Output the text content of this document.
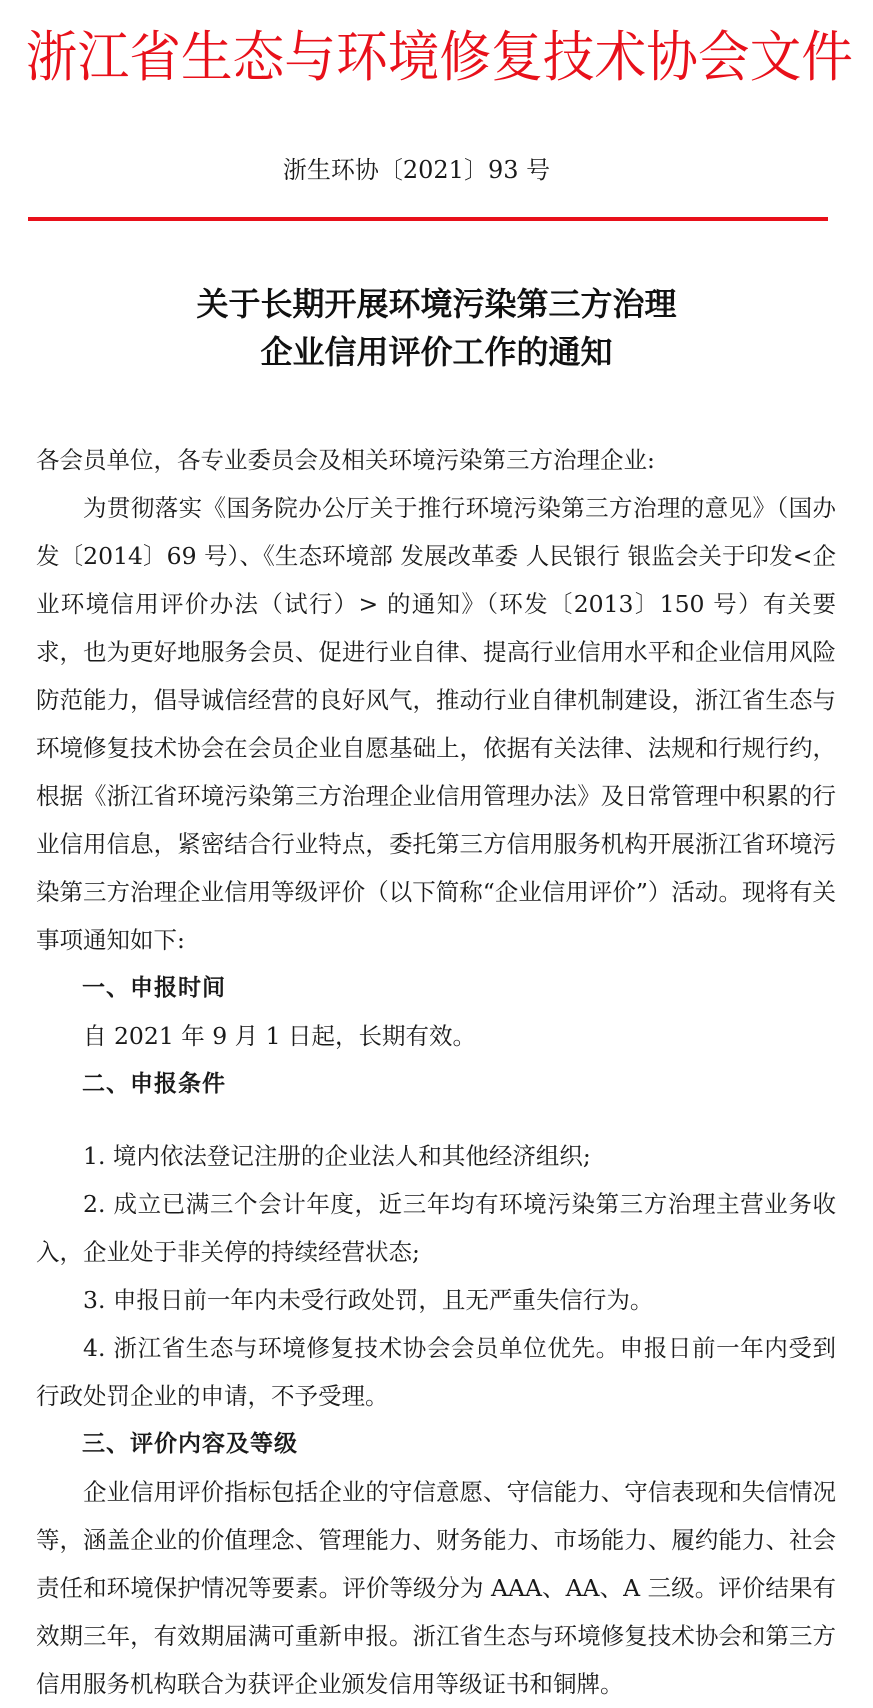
浙江省生态与环境修复技术协会文件
浙生环协〔2021〕93 号
关于长期开展环境污染第三方治理
企业信用评价工作的通知

各会员单位，各专业委员会及相关环境污染第三方治理企业:

为贯彻落实《国务院办公厅关于推行环境污染第三方治理的意见》（国办发〔2014〕69 号）、《生态环境部 发展改革委 人民银行 银监会关于印发<企业环境信用评价办法（试行）> 的通知》（环发〔2013〕150 号）有关要求，也为更好地服务会员、促进行业自律、提高行业信用水平和企业信用风险防范能力，倡导诚信经营的良好风气，推动行业自律机制建设，浙江省生态与环境修复技术协会在会员企业自愿基础上，依据有关法律、法规和行规行约，根据《浙江省环境污染第三方治理企业信用管理办法》及日常管理中积累的行业信用信息，紧密结合行业特点，委托第三方信用服务机构开展浙江省环境污染第三方治理企业信用等级评价（以下简称“企业信用评价”）活动。现将有关事项通知如下:

一、申报时间

自 2021 年 9 月 1 日起，长期有效。

二、申报条件

1. 境内依法登记注册的企业法人和其他经济组织;

2. 成立已满三个会计年度，近三年均有环境污染第三方治理主营业务收入，企业处于非关停的持续经营状态;

3. 申报日前一年内未受行政处罚，且无严重失信行为。

4. 浙江省生态与环境修复技术协会会员单位优先。申报日前一年内受到行政处罚企业的申请，不予受理。

三、评价内容及等级

企业信用评价指标包括企业的守信意愿、守信能力、守信表现和失信情况等，涵盖企业的价值理念、管理能力、财务能力、市场能力、履约能力、社会责任和环境保护情况等要素。评价等级分为 AAA、AA、A 三级。评价结果有效期三年，有效期届满可重新申报。浙江省生态与环境修复技术协会和第三方信用服务机构联合为获评企业颁发信用等级证书和铜牌。
